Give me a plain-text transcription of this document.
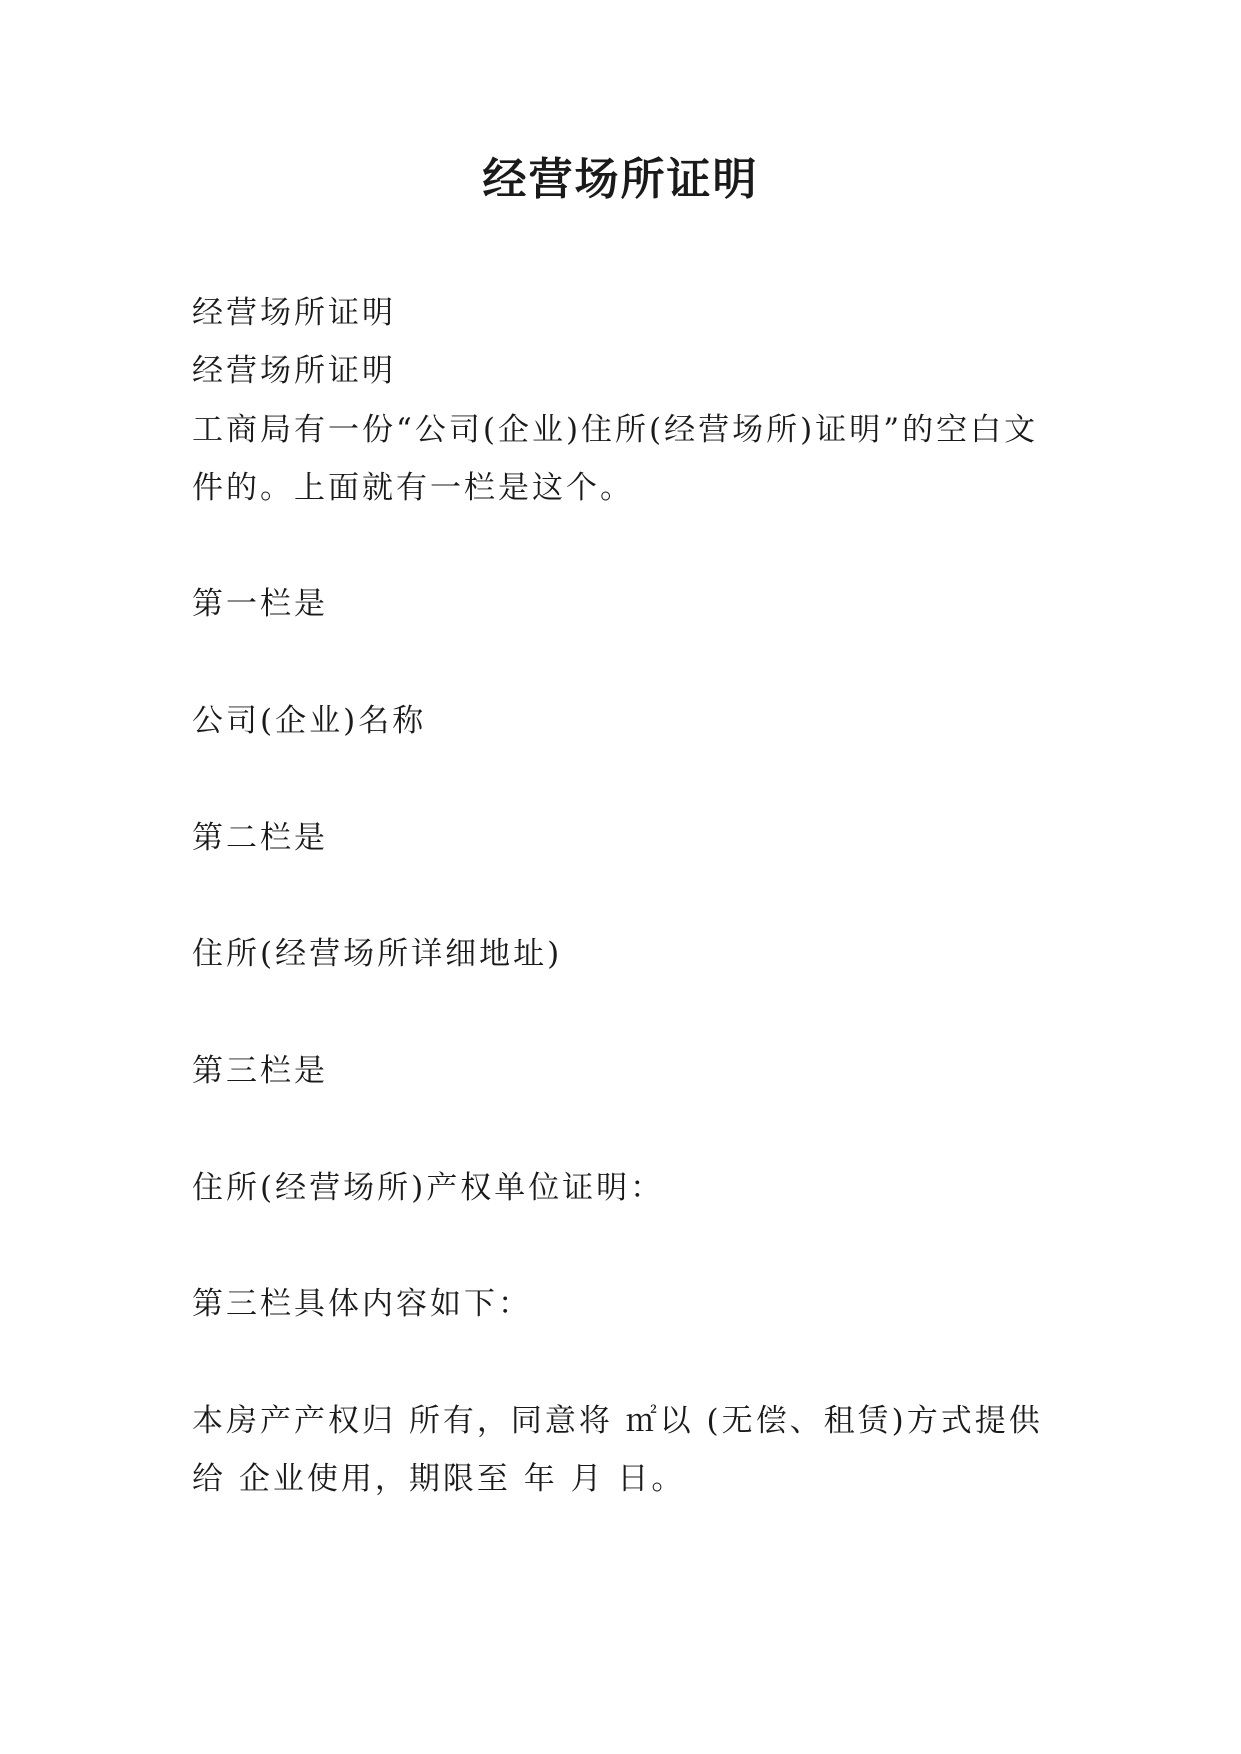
经营场所证明
经营场所证明
经营场所证明
工商局有一份“公司(企业)住所(经营场所)证明”的空白文
件的。上面就有一栏是这个。
第一栏是
公司(企业)名称
第二栏是
住所(经营场所详细地址)
第三栏是
住所(经营场所)产权单位证明：
第三栏具体内容如下：
本房产产权归 所有，同意将 ㎡以 (无偿、租赁)方式提供
给 企业使用，期限至 年 月 日。
